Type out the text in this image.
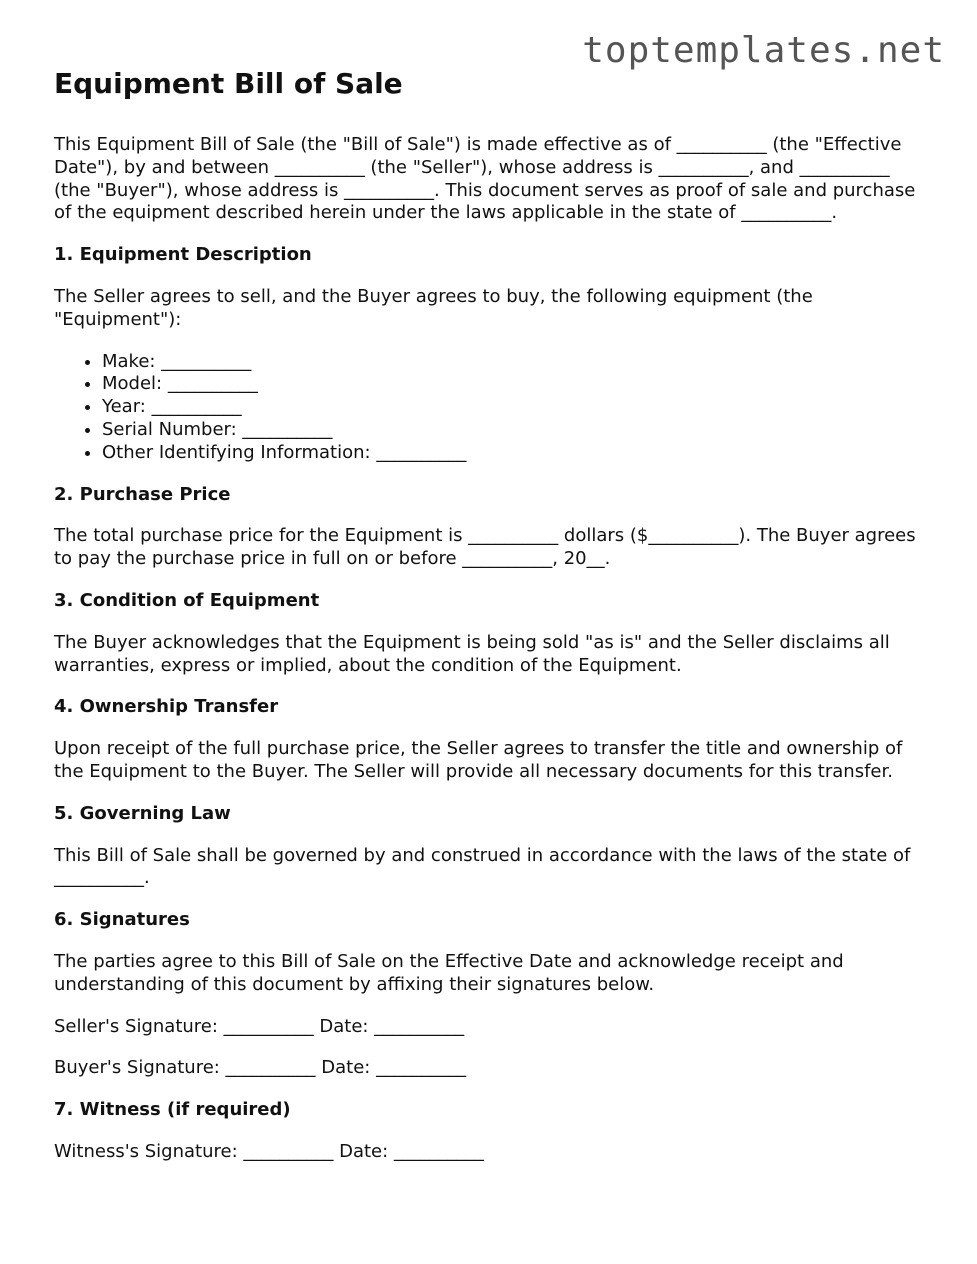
toptemplates.net
Equipment Bill of Sale

This Equipment Bill of Sale (the "Bill of Sale") is made effective as of __________ (the "Effective Date"), by and between __________ (the "Seller"), whose address is __________, and __________ (the "Buyer"), whose address is __________. This document serves as proof of sale and purchase of the equipment described herein under the laws applicable in the state of __________.

1. Equipment Description

The Seller agrees to sell, and the Buyer agrees to buy, the following equipment (the "Equipment"):

• Make: __________
• Model: __________
• Year: __________
• Serial Number: __________
• Other Identifying Information: __________
2. Purchase Price

The total purchase price for the Equipment is __________ dollars ($__________). The Buyer agrees to pay the purchase price in full on or before __________, 20__.

3. Condition of Equipment

The Buyer acknowledges that the Equipment is being sold "as is" and the Seller disclaims all warranties, express or implied, about the condition of the Equipment.

4. Ownership Transfer

Upon receipt of the full purchase price, the Seller agrees to transfer the title and ownership of the Equipment to the Buyer. The Seller will provide all necessary documents for this transfer.

5. Governing Law

This Bill of Sale shall be governed by and construed in accordance with the laws of the state of __________.

6. Signatures

The parties agree to this Bill of Sale on the Effective Date and acknowledge receipt and understanding of this document by affixing their signatures below.

Seller's Signature: __________ Date: __________

Buyer's Signature: __________ Date: __________

7. Witness (if required)

Witness's Signature: __________ Date: __________
